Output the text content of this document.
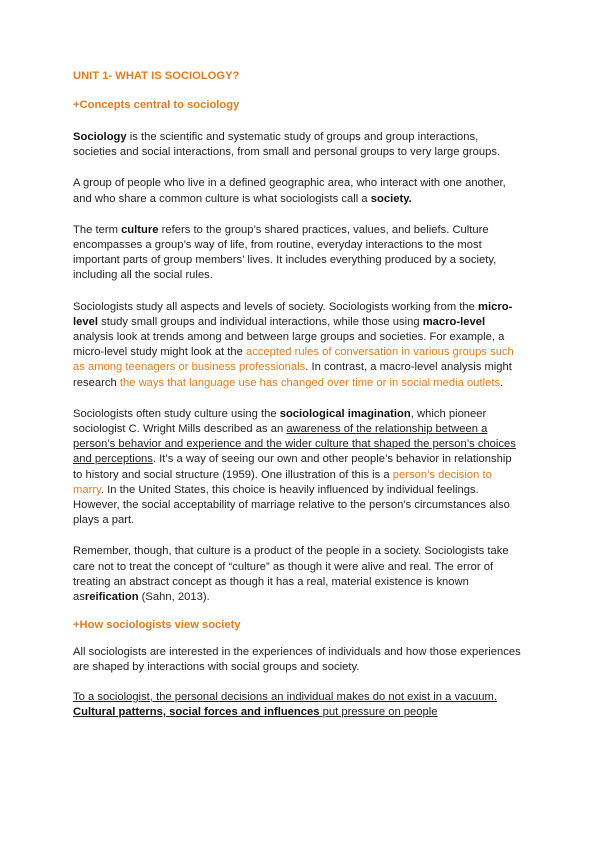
UNIT 1- WHAT IS SOCIOLOGY?
+Concepts central to sociology

Sociology is the scientific and systematic study of groups and group interactions, societies and social interactions, from small and personal groups to very large groups.

A group of people who live in a defined geographic area, who interact with one another, and who share a common culture is what sociologists call a society.

The term culture refers to the group’s shared practices, values, and beliefs. Culture encompasses a group’s way of life, from routine, everyday interactions to the most important parts of group members’ lives. It includes everything produced by a society, including all the social rules.

Sociologists study all aspects and levels of society. Sociologists working from the micro-level study small groups and individual interactions, while those using macro-level analysis look at trends among and between large groups and societies. For example, a micro-level study might look at the accepted rules of conversation in various groups such as among teenagers or business professionals. In contrast, a macro-level analysis might research the ways that language use has changed over time or in social media outlets.

Sociologists often study culture using the sociological imagination, which pioneer sociologist C. Wright Mills described as an awareness of the relationship between a person’s behavior and experience and the wider culture that shaped the person’s choices and perceptions. It’s a way of seeing our own and other people’s behavior in relationship to history and social structure (1959). One illustration of this is a person’s decision to marry. In the United States, this choice is heavily influenced by individual feelings. However, the social acceptability of marriage relative to the person’s circumstances also plays a part.

Remember, though, that culture is a product of the people in a society. Sociologists take care not to treat the concept of “culture” as though it were alive and real. The error of treating an abstract concept as though it has a real, material existence is known asreification (Sahn, 2013).

+How sociologists view society

All sociologists are interested in the experiences of individuals and how those experiences are shaped by interactions with social groups and society.

To a sociologist, the personal decisions an individual makes do not exist in a vacuum. Cultural patterns, social forces and influences put pressure on people
